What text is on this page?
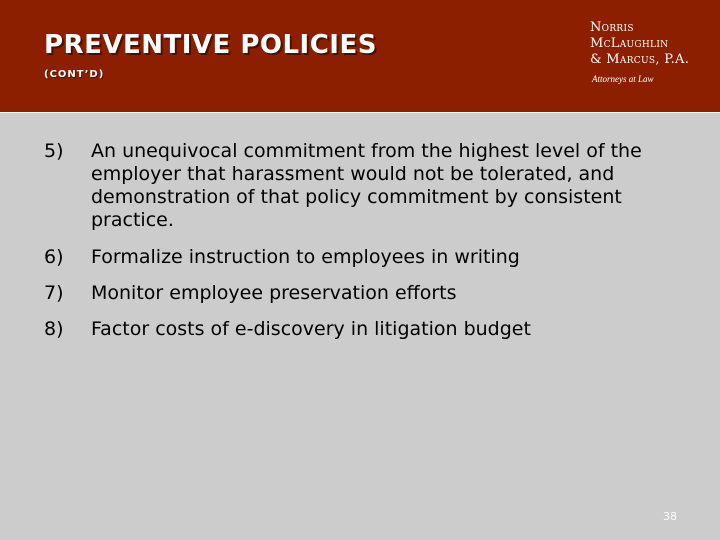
PREVENTIVE POLICIES
(CONT’D)
Norris
McLaughlin
& Marcus, P.A.
Attorneys at Law
5)	An unequivocal commitment from the highest level of the employer that harassment would not be tolerated, and demonstration of that policy commitment by consistent practice.
6)	Formalize instruction to employees in writing
7)	Monitor employee preservation efforts
8)	Factor costs of e-discovery in litigation budget
38
